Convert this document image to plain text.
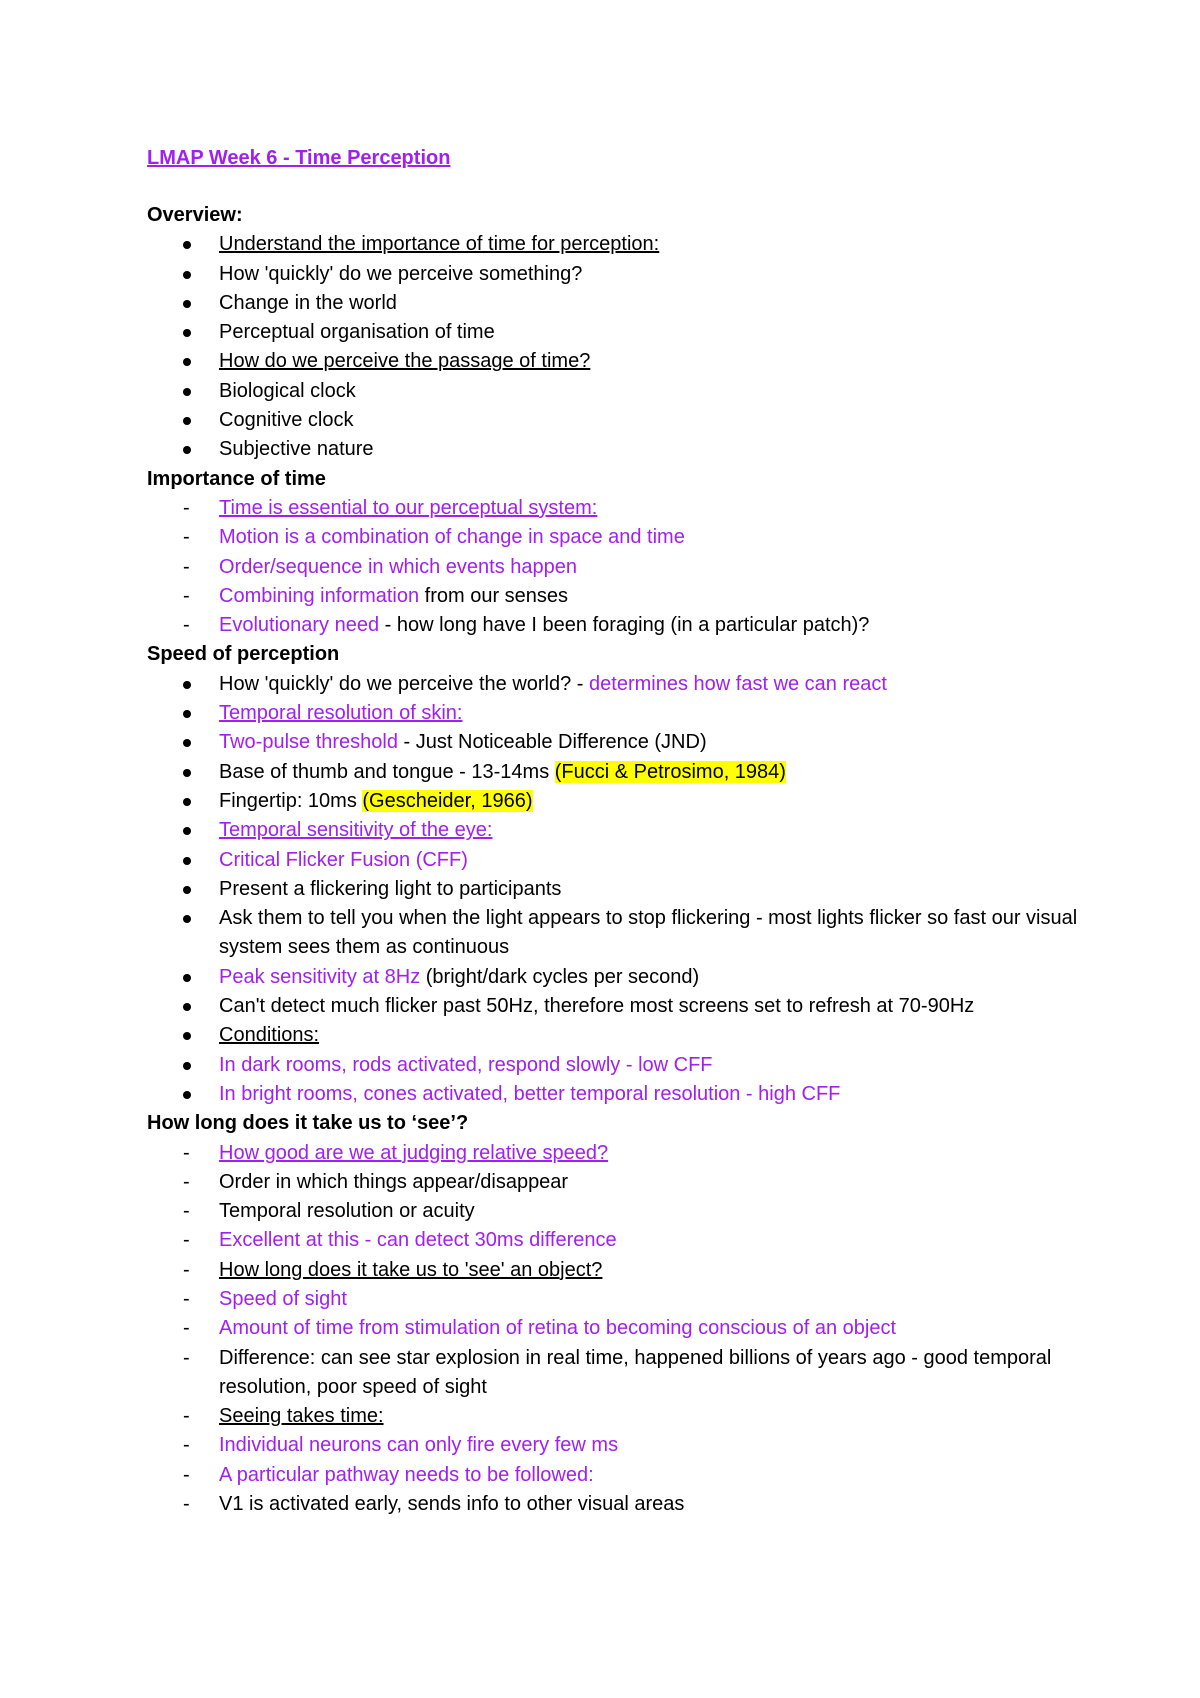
LMAP Week 6 - Time Perception
Overview:
Understand the importance of time for perception:
How 'quickly' do we perceive something?
Change in the world
Perceptual organisation of time
How do we perceive the passage of time?
Biological clock
Cognitive clock
Subjective nature
Importance of time
-
Time is essential to our perceptual system:
-
Motion is a combination of change in space and time
-
Order/sequence in which events happen
-
Combining information from our senses
-
Evolutionary need - how long have I been foraging (in a particular patch)?
Speed of perception
How 'quickly' do we perceive the world? - determines how fast we can react
Temporal resolution of skin:
Two-pulse threshold - Just Noticeable Difference (JND)
Base of thumb and tongue - 13-14ms (Fucci & Petrosimo, 1984)
Fingertip: 10ms (Gescheider, 1966)
Temporal sensitivity of the eye:
Critical Flicker Fusion (CFF)
Present a flickering light to participants
Ask them to tell you when the light appears to stop flickering - most lights flicker so fast our visual system sees them as continuous
Peak sensitivity at 8Hz (bright/dark cycles per second)
Can't detect much flicker past 50Hz, therefore most screens set to refresh at 70-90Hz
Conditions:
In dark rooms, rods activated, respond slowly - low CFF
In bright rooms, cones activated, better temporal resolution - high CFF
How long does it take us to ‘see’?
-
How good are we at judging relative speed?
-
Order in which things appear/disappear
-
Temporal resolution or acuity
-
Excellent at this - can detect 30ms difference
-
How long does it take us to 'see' an object?
-
Speed of sight
-
Amount of time from stimulation of retina to becoming conscious of an object
-
Difference: can see star explosion in real time, happened billions of years ago - good temporal resolution, poor speed of sight
-
Seeing takes time:
-
Individual neurons can only fire every few ms
-
A particular pathway needs to be followed:
-
V1 is activated early, sends info to other visual areas
